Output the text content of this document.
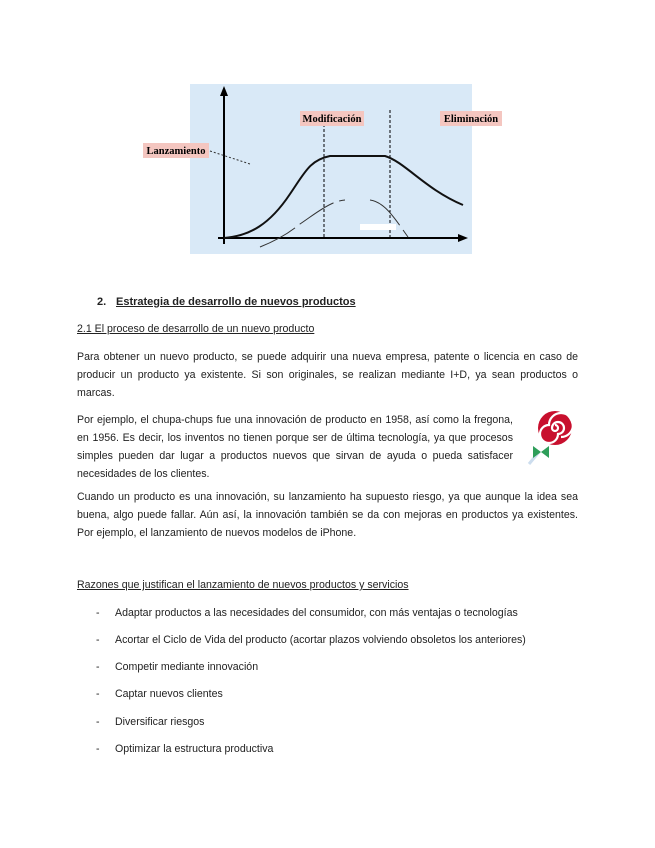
Lanzamiento
Modificación	Eliminación
2. Estrategia de desarrollo de nuevos productos
2.1 El proceso de desarrollo de un nuevo producto
Para obtener un nuevo producto, se puede adquirir una nueva empresa, patente o licencia en caso de producir un producto ya existente. Si son originales, se realizan mediante I+D, ya sean productos o marcas.
Por ejemplo, el chupa-chups fue una innovación de producto en 1958, así como la fregona, en 1956. Es decir, los inventos no tienen porque ser de última tecnología, ya que procesos simples pueden dar lugar a productos nuevos que sirvan de ayuda o pueda satisfacer necesidades de los clientes.
Cuando un producto es una innovación, su lanzamiento ha supuesto riesgo, ya que aunque la idea sea buena, algo puede fallar. Aún así, la innovación también se da con mejoras en productos ya existentes. Por ejemplo, el lanzamiento de nuevos modelos de iPhone.
Razones que justifican el lanzamiento de nuevos productos y servicios
- Adaptar productos a las necesidades del consumidor, con más ventajas o tecnologías
- Acortar el Ciclo de Vida del producto (acortar plazos volviendo obsoletos los anteriores)
- Competir mediante innovación
- Captar nuevos clientes
- Diversificar riesgos
- Optimizar la estructura productiva
